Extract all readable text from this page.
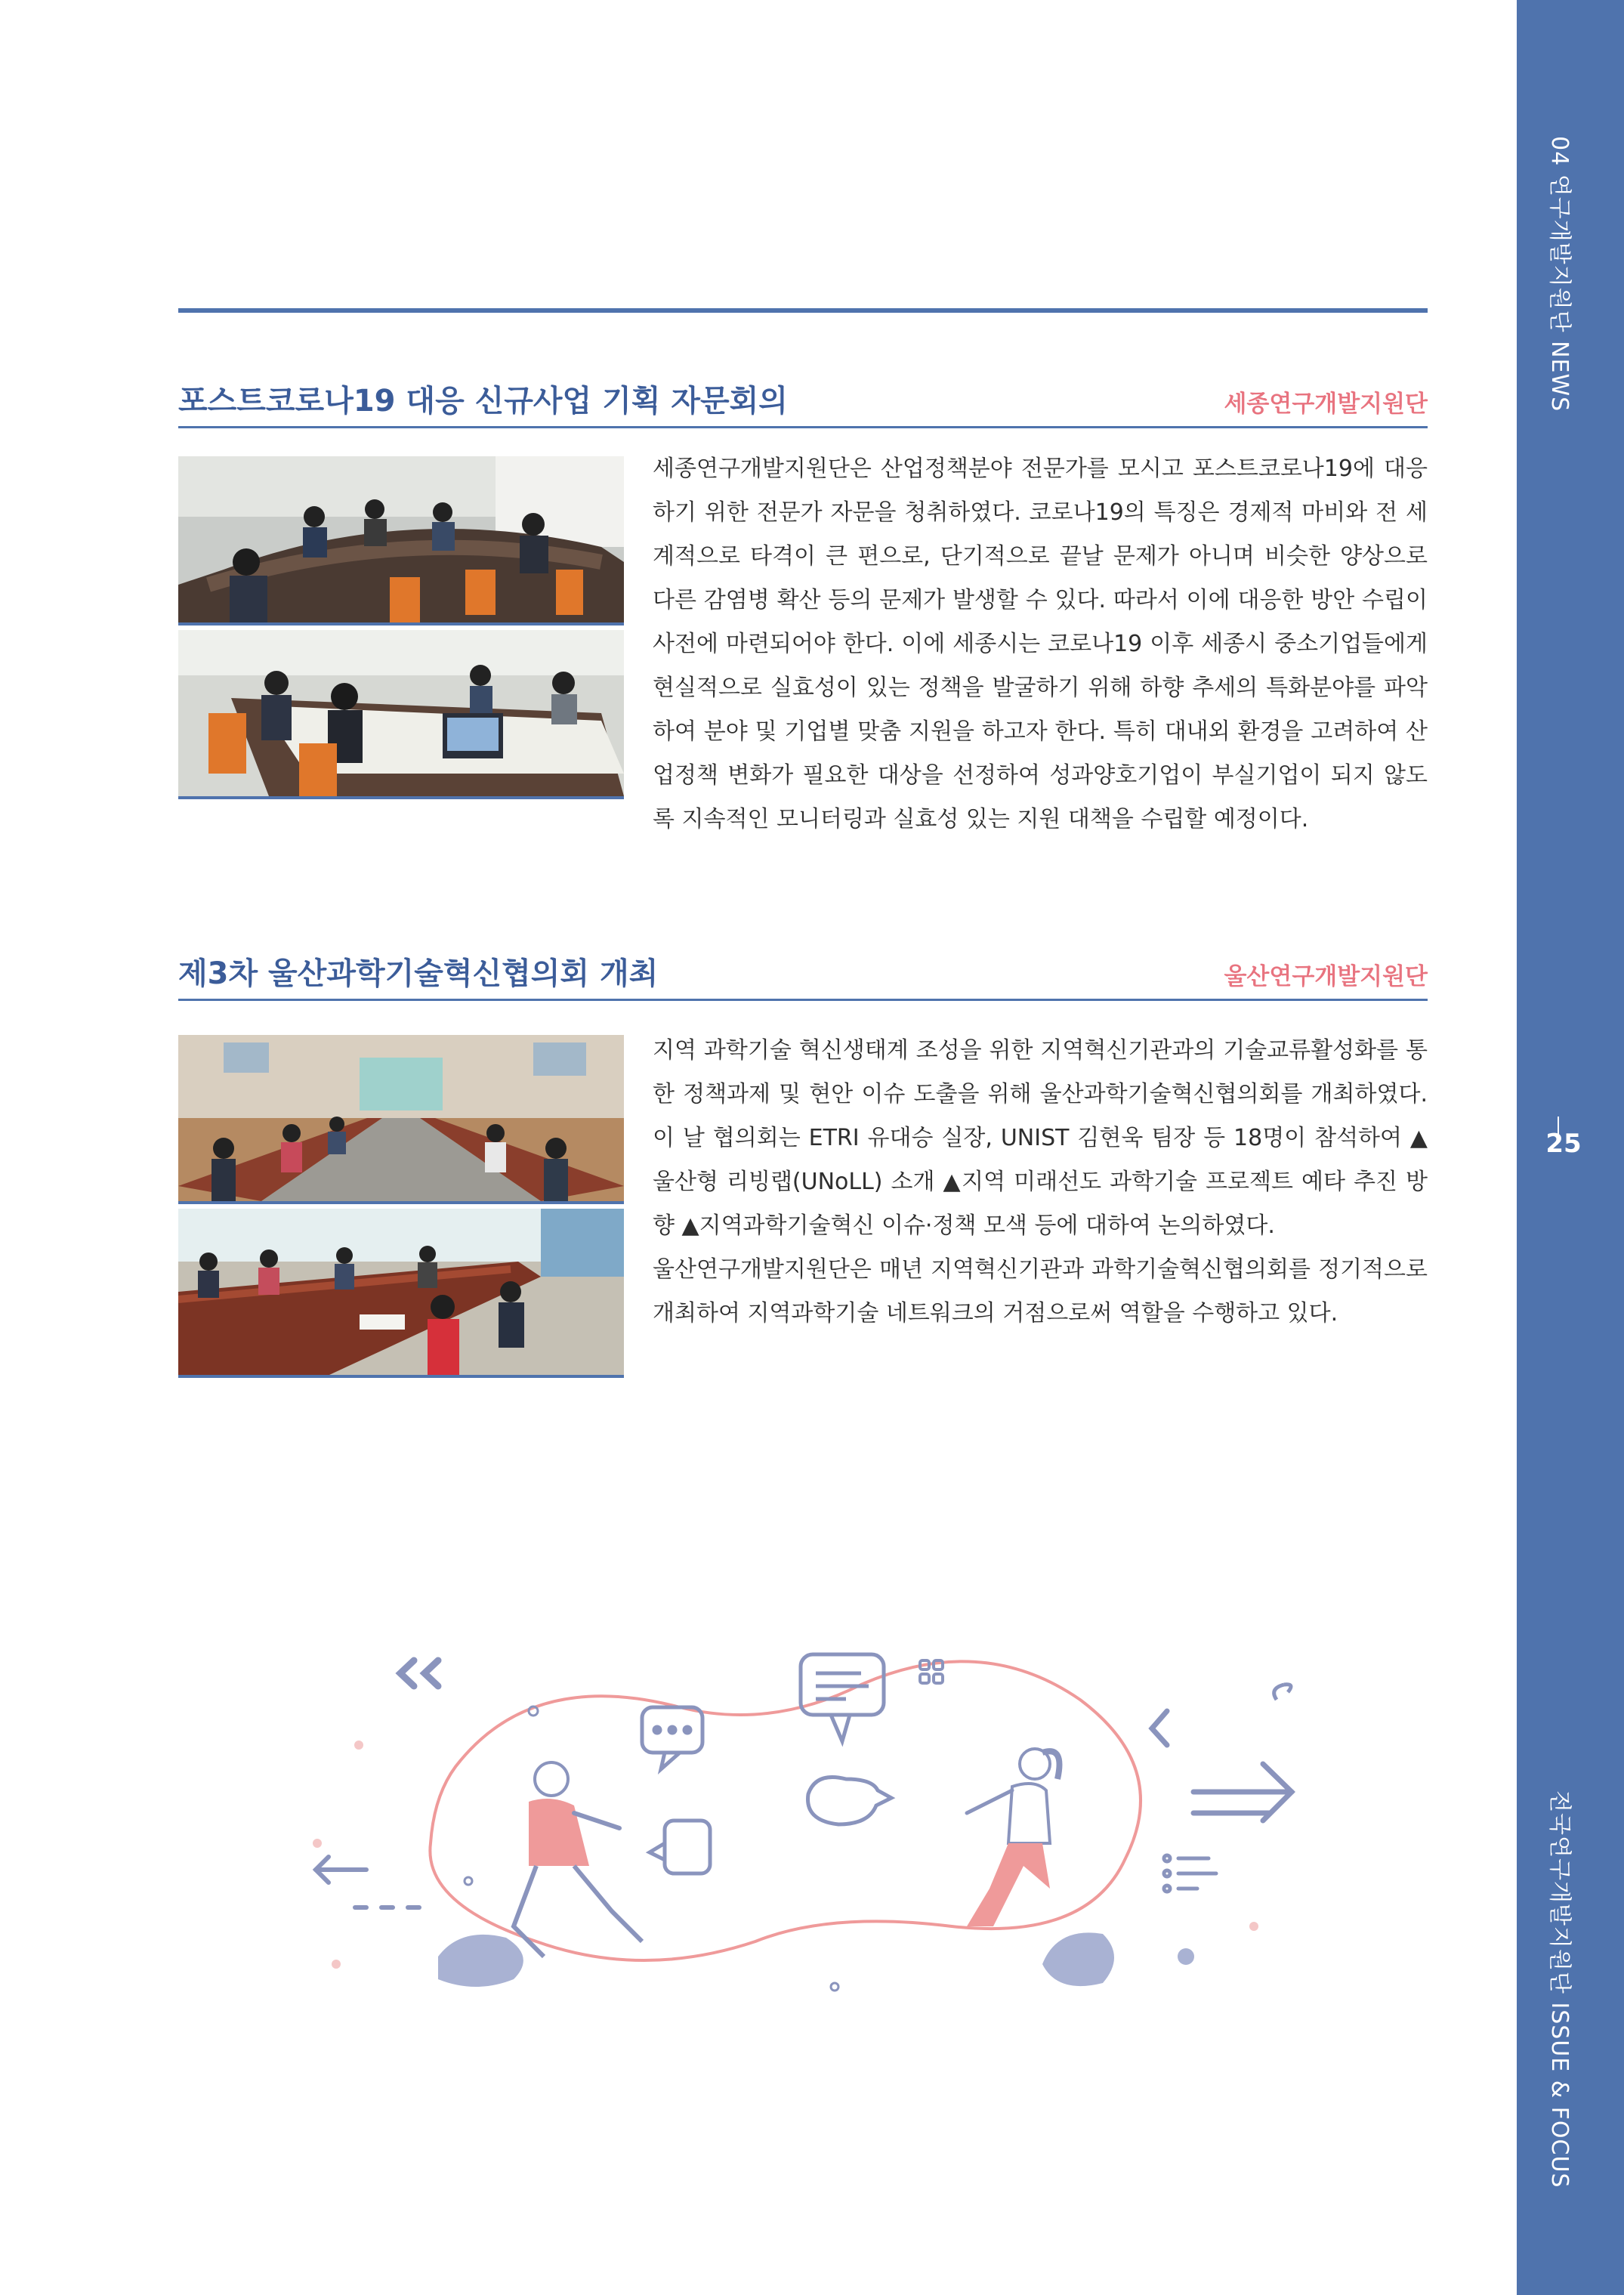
04 연구개발지원단 NEWS
25
전국연구개발지원단 ISSUE & FOCUS
포스트코로나19 대응 신규사업 기획 자문회의	세종연구개발지원단
세종연구개발지원단은 산업정책분야 전문가를 모시고 포스트코로나19에 대응하기 위한 전문가 자문을 청취하였다. 코로나19의 특징은 경제적 마비와 전 세계적으로 타격이 큰 편으로, 단기적으로 끝날 문제가 아니며 비슷한 양상으로 다른 감염병 확산 등의 문제가 발생할 수 있다. 따라서 이에 대응한 방안 수립이 사전에 마련되어야 한다. 이에 세종시는 코로나19 이후 세종시 중소기업들에게 현실적으로 실효성이 있는 정책을 발굴하기 위해 하향 추세의 특화분야를 파악하여 분야 및 기업별 맞춤 지원을 하고자 한다. 특히 대내외 환경을 고려하여 산업정책 변화가 필요한 대상을 선정하여 성과양호기업이 부실기업이 되지 않도록 지속적인 모니터링과 실효성 있는 지원 대책을 수립할 예정이다.
제3차 울산과학기술혁신협의회 개최	울산연구개발지원단

지역 과학기술 혁신생태계 조성을 위한 지역혁신기관과의 기술교류활성화를 통한 정책과제 및 현안 이슈 도출을 위해 울산과학기술혁신협의회를 개최하였다. 이 날 협의회는 ETRI 유대승 실장, UNIST 김현욱 팀장 등 18명이 참석하여 ▲울산형 리빙랩(UNoLL) 소개 ▲지역 미래선도 과학기술 프로젝트 예타 추진 방향 ▲지역과학기술혁신 이슈·정책 모색 등에 대하여 논의하였다.

울산연구개발지원단은 매년 지역혁신기관과 과학기술혁신협의회를 정기적으로 개최하여 지역과학기술 네트워크의 거점으로써 역할을 수행하고 있다.
